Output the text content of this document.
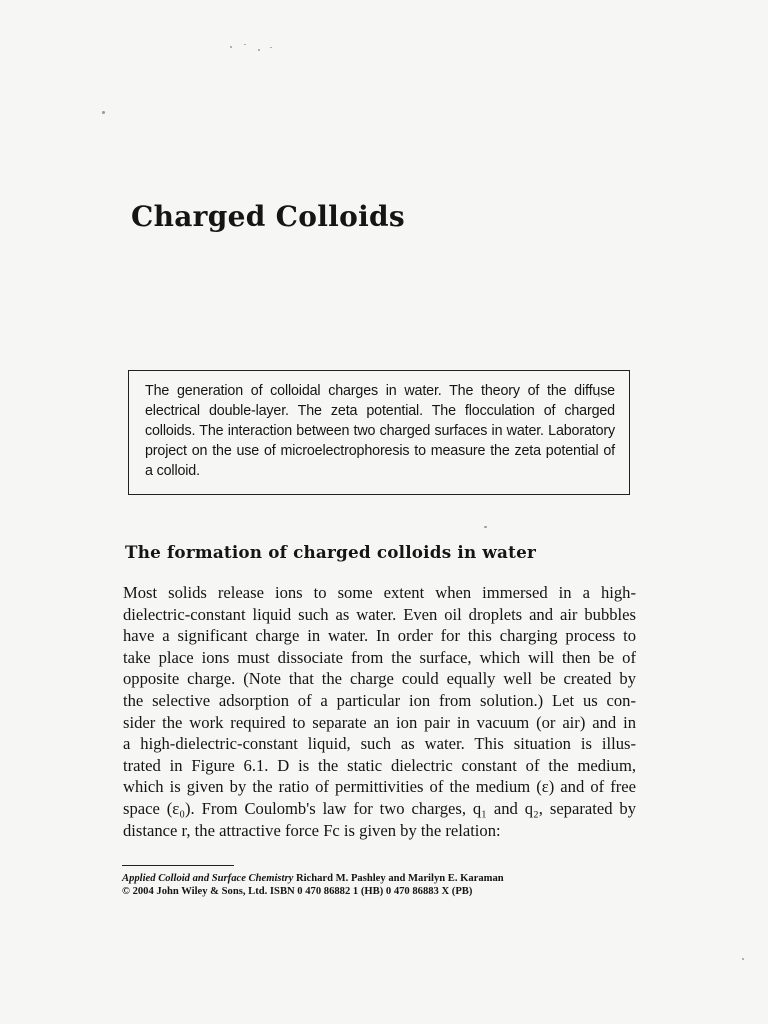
Charged Colloids

The generation of colloidal charges in water. The theory of the diffuse electrical double-layer. The zeta potential. The flocculation of charged colloids. The interaction between two charged surfaces in water. Laboratory project on the use of microelectrophoresis to measure the zeta potential of a colloid.

The formation of charged colloids in water

Most solids release ions to some extent when immersed in a high-
dielectric-constant liquid such as water. Even oil droplets and air bubbles
have a significant charge in water. In order for this charging process to
take place ions must dissociate from the surface, which will then be of
opposite charge. (Note that the charge could equally well be created by
the selective adsorption of a particular ion from solution.) Let us con-
sider the work required to separate an ion pair in vacuum (or air) and in
a high-dielectric-constant liquid, such as water. This situation is illus-
trated in Figure 6.1. D is the static dielectric constant of the medium,
which is given by the ratio of permittivities of the medium (ε) and of free
space (ε₀). From Coulomb's law for two charges, q₁ and q₂, separated by
distance r, the attractive force Fc is given by the relation:

Applied Colloid and Surface Chemistry Richard M. Pashley and Marilyn E. Karaman
© 2004 John Wiley & Sons, Ltd. ISBN 0 470 86882 1 (HB) 0 470 86883 X (PB)
